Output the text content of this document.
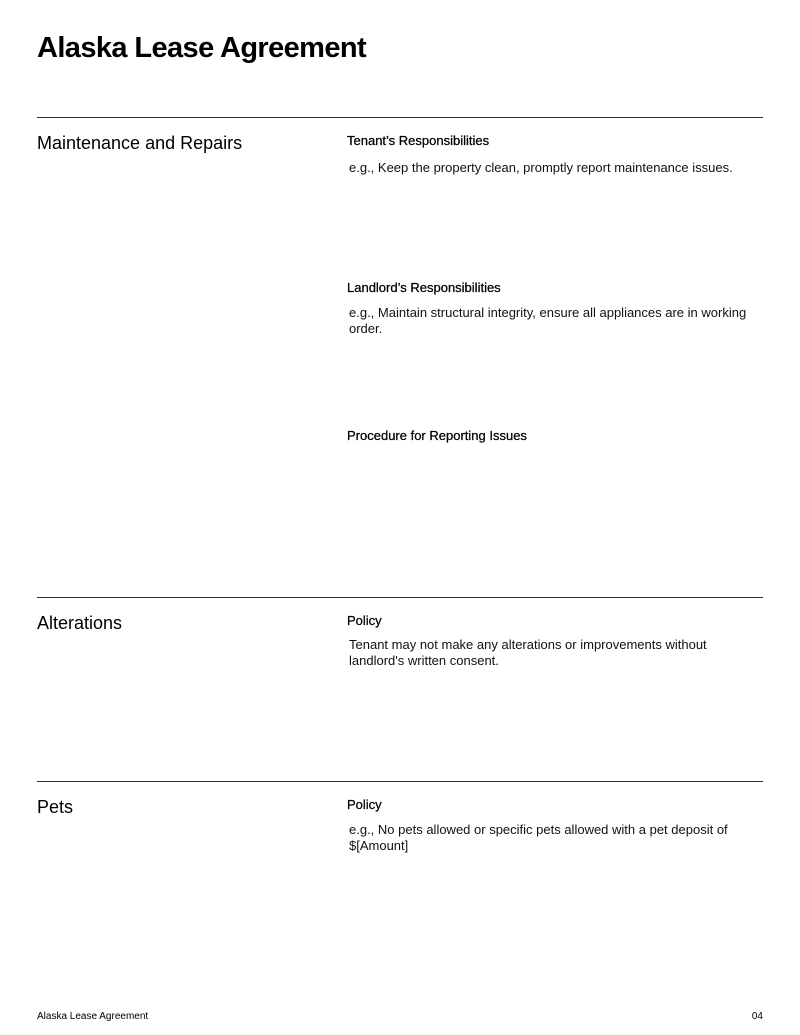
Alaska Lease Agreement
Maintenance and Repairs	Tenant’s Responsibilities
e.g., Keep the property clean, promptly report maintenance issues.
Landlord’s Responsibilities
e.g., Maintain structural integrity, ensure all appliances are in working order.
Procedure for Reporting Issues
Alterations	Policy
Tenant may not make any alterations or improvements without landlord's written consent.
Pets	Policy
e.g., No pets allowed or specific pets allowed with a pet deposit of $[Amount]
Alaska Lease Agreement	04
